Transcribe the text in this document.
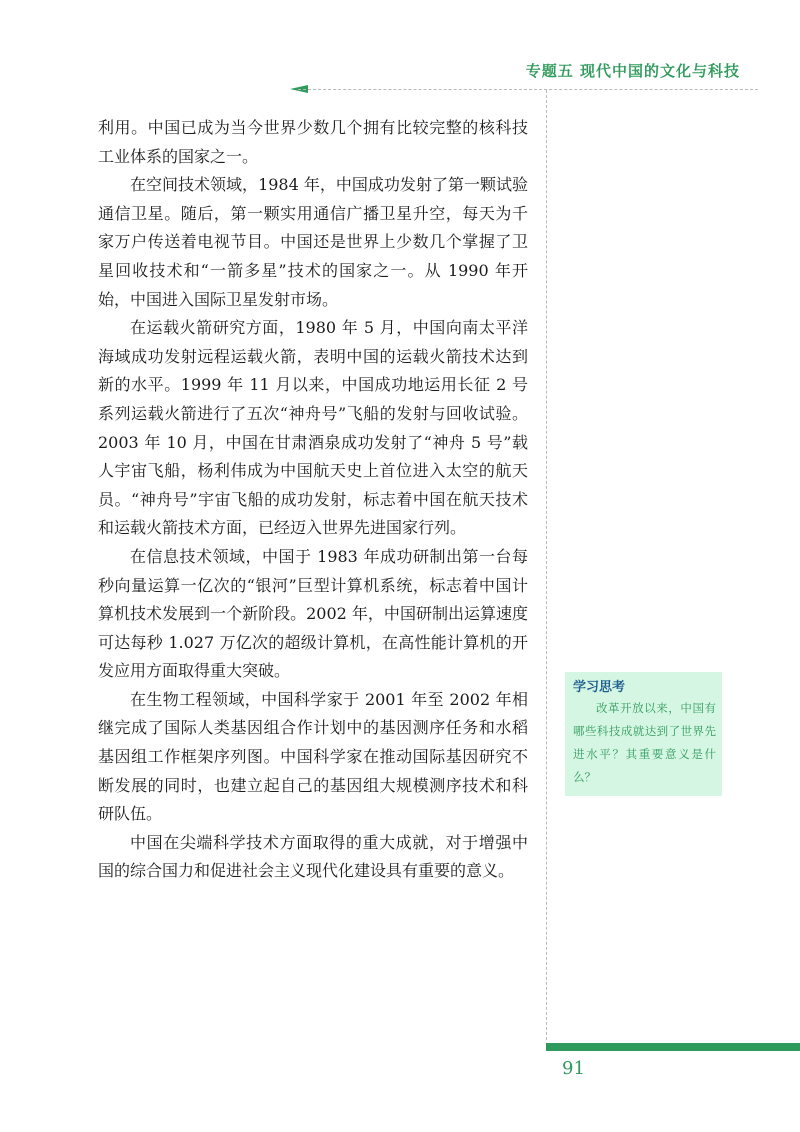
专题五 现代中国的文化与科技

利用。中国已成为当今世界少数几个拥有比较完整的核科技工业体系的国家之一。

在空间技术领域，1984 年，中国成功发射了第一颗试验通信卫星。随后，第一颗实用通信广播卫星升空，每天为千家万户传送着电视节目。中国还是世界上少数几个掌握了卫星回收技术和“一箭多星”技术的国家之一。从 1990 年开始，中国进入国际卫星发射市场。

在运载火箭研究方面，1980 年 5 月，中国向南太平洋海域成功发射远程运载火箭，表明中国的运载火箭技术达到新的水平。1999 年 11 月以来，中国成功地运用长征 2 号系列运载火箭进行了五次“神舟号”飞船的发射与回收试验。2003 年 10 月，中国在甘肃酒泉成功发射了“神舟 5 号”载人宇宙飞船，杨利伟成为中国航天史上首位进入太空的航天员。“神舟号”宇宙飞船的成功发射，标志着中国在航天技术和运载火箭技术方面，已经迈入世界先进国家行列。

在信息技术领域，中国于 1983 年成功研制出第一台每秒向量运算一亿次的“银河”巨型计算机系统，标志着中国计算机技术发展到一个新阶段。2002 年，中国研制出运算速度可达每秒 1.027 万亿次的超级计算机，在高性能计算机的开发应用方面取得重大突破。

在生物工程领域，中国科学家于 2001 年至 2002 年相继完成了国际人类基因组合作计划中的基因测序任务和水稻基因组工作框架序列图。中国科学家在推动国际基因研究不断发展的同时，也建立起自己的基因组大规模测序技术和科研队伍。

中国在尖端科学技术方面取得的重大成就，对于增强中国的综合国力和促进社会主义现代化建设具有重要的意义。

学习思考
改革开放以来，中国有哪些科技成就达到了世界先进水平？其重要意义是什么？
91
